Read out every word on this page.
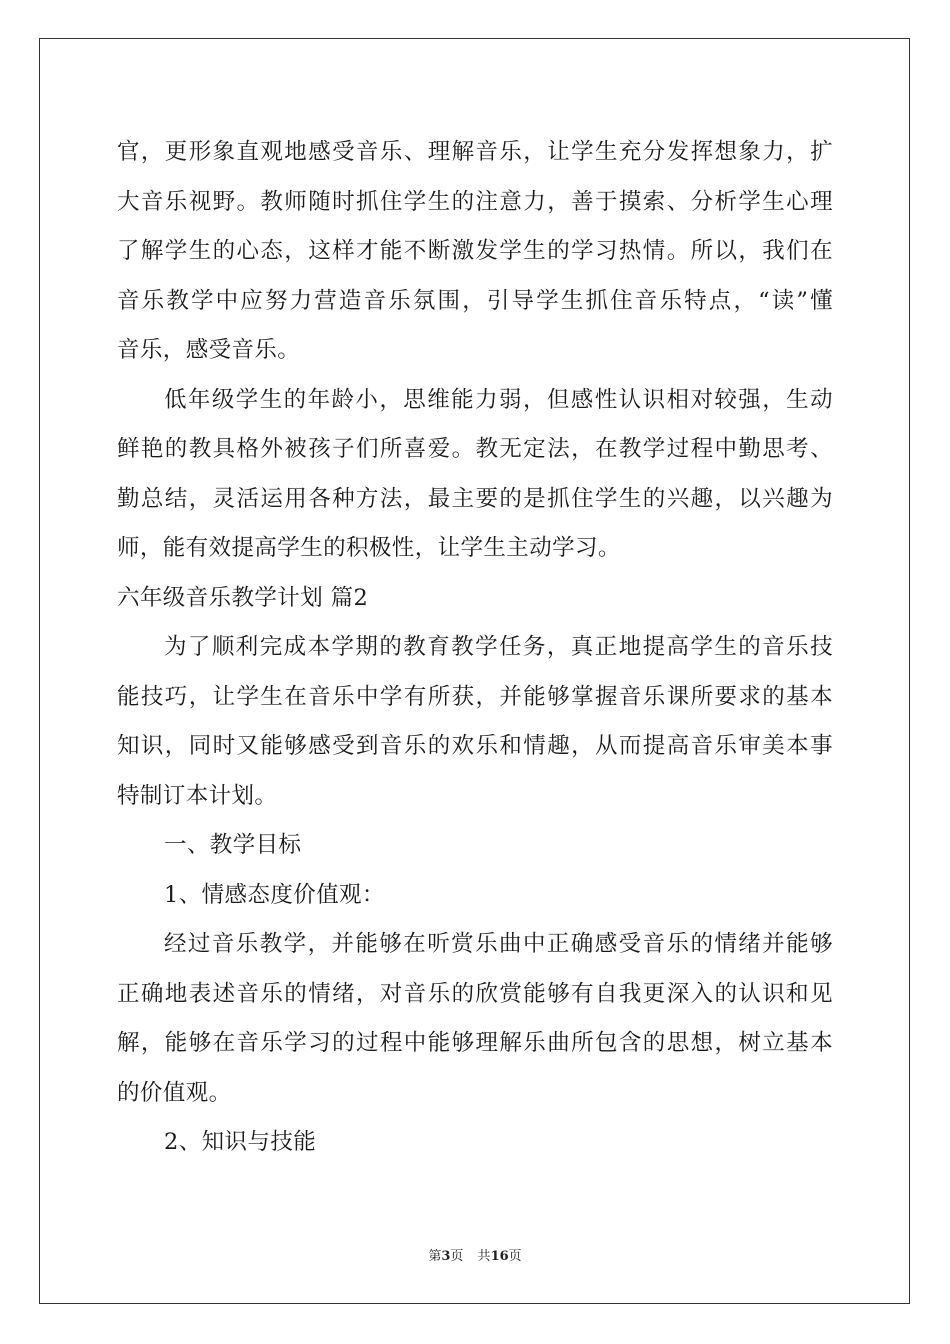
官，更形象直观地感受音乐、理解音乐，让学生充分发挥想象力，扩
大音乐视野。教师随时抓住学生的注意力，善于摸索、分析学生心理
了解学生的心态，这样才能不断激发学生的学习热情。所以，我们在
音乐教学中应努力营造音乐氛围，引导学生抓住音乐特点，“读”懂
音乐，感受音乐。
低年级学生的年龄小，思维能力弱，但感性认识相对较强，生动
鲜艳的教具格外被孩子们所喜爱。教无定法，在教学过程中勤思考、
勤总结，灵活运用各种方法，最主要的是抓住学生的兴趣，以兴趣为
师，能有效提高学生的积极性，让学生主动学习。
六年级音乐教学计划 篇2
为了顺利完成本学期的教育教学任务，真正地提高学生的音乐技
能技巧，让学生在音乐中学有所获，并能够掌握音乐课所要求的基本
知识，同时又能够感受到音乐的欢乐和情趣，从而提高音乐审美本事
特制订本计划。
一、教学目标
1、情感态度价值观：
经过音乐教学，并能够在听赏乐曲中正确感受音乐的情绪并能够
正确地表述音乐的情绪，对音乐的欣赏能够有自我更深入的认识和见
解，能够在音乐学习的过程中能够理解乐曲所包含的思想，树立基本
的价值观。
2、知识与技能
第3页 共16页
